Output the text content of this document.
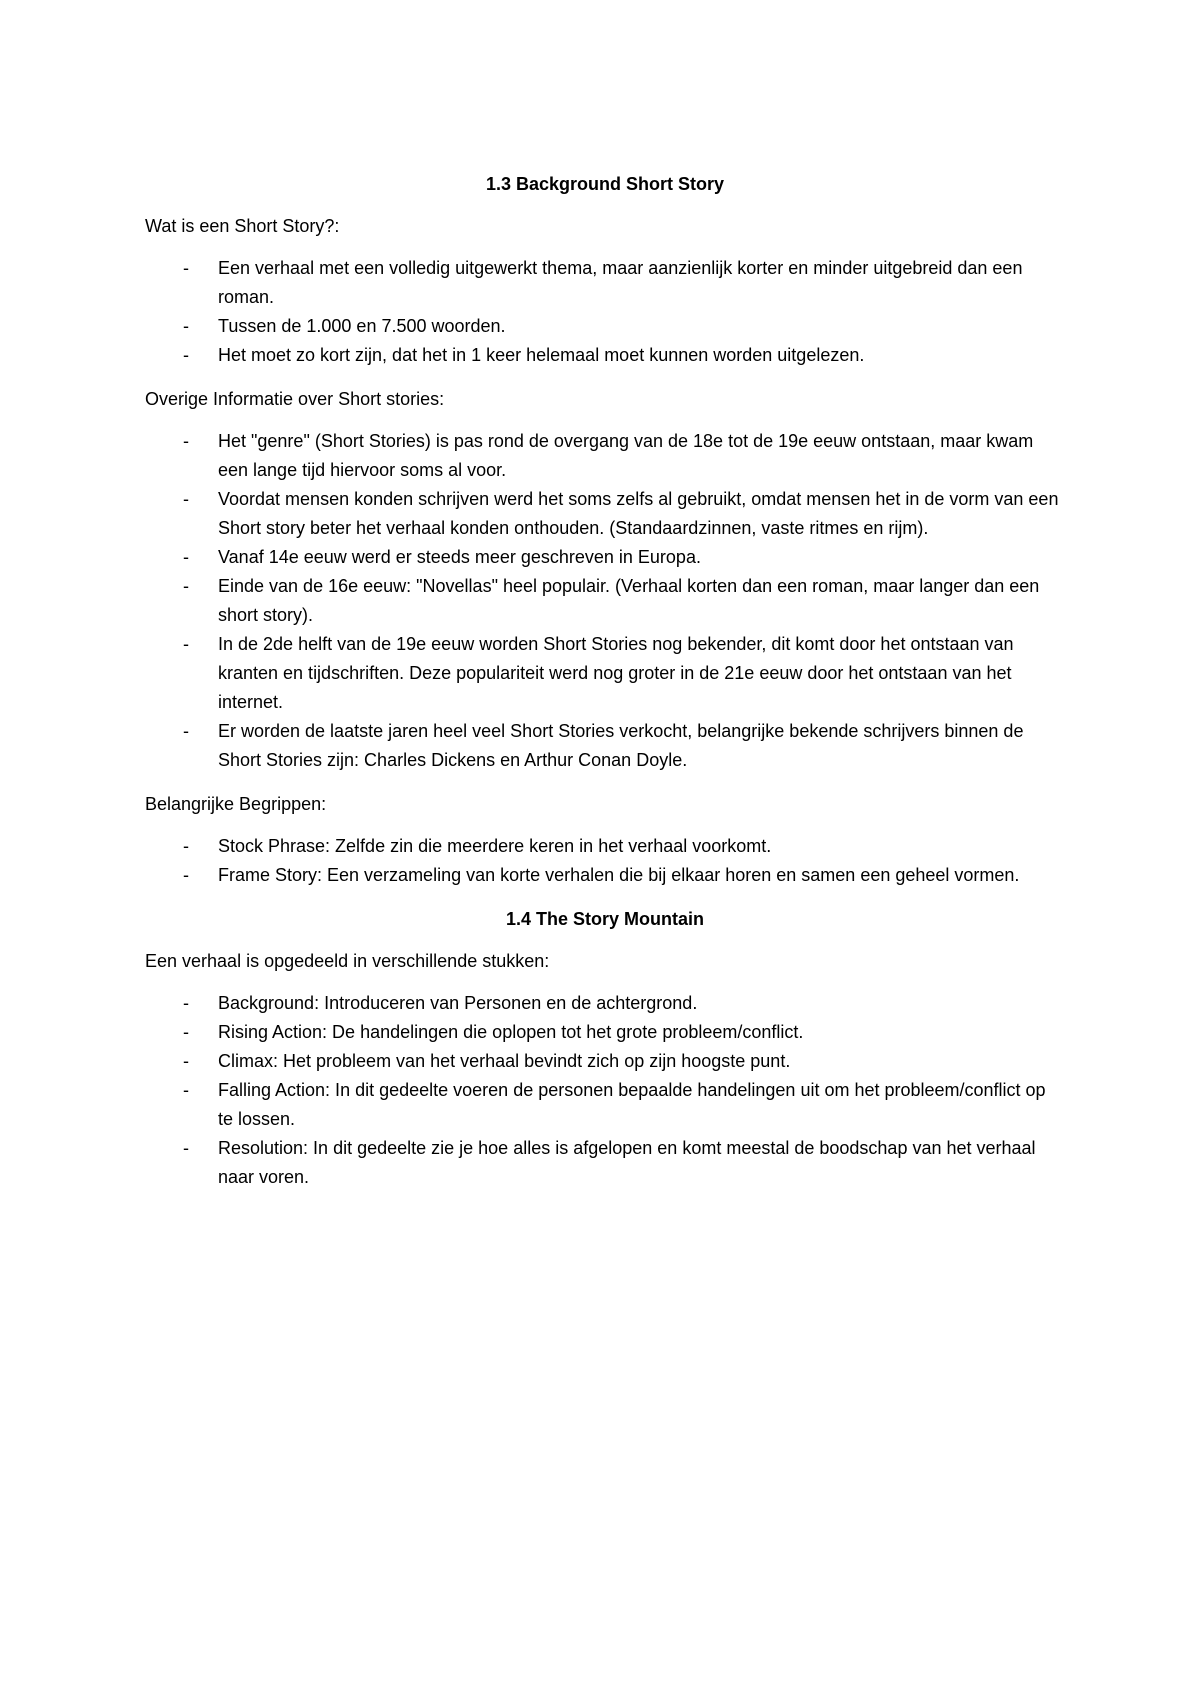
1.3 Background Short Story

Wat is een Short Story?:

- Een verhaal met een volledig uitgewerkt thema, maar aanzienlijk korter en minder uitgebreid dan een roman.
- Tussen de 1.000 en 7.500 woorden.
- Het moet zo kort zijn, dat het in 1 keer helemaal moet kunnen worden uitgelezen.

Overige Informatie over Short stories:

- Het "genre" (Short Stories) is pas rond de overgang van de 18e tot de 19e eeuw ontstaan, maar kwam een lange tijd hiervoor soms al voor.
- Voordat mensen konden schrijven werd het soms zelfs al gebruikt, omdat mensen het in de vorm van een Short story beter het verhaal konden onthouden. (Standaardzinnen, vaste ritmes en rijm).
- Vanaf 14e eeuw werd er steeds meer geschreven in Europa.
- Einde van de 16e eeuw: "Novellas" heel populair. (Verhaal korten dan een roman, maar langer dan een short story).
- In de 2de helft van de 19e eeuw worden Short Stories nog bekender, dit komt door het ontstaan van kranten en tijdschriften. Deze populariteit werd nog groter in de 21e eeuw door het ontstaan van het internet.
- Er worden de laatste jaren heel veel Short Stories verkocht, belangrijke bekende schrijvers binnen de Short Stories zijn: Charles Dickens en Arthur Conan Doyle.

Belangrijke Begrippen:

- Stock Phrase: Zelfde zin die meerdere keren in het verhaal voorkomt.
- Frame Story: Een verzameling van korte verhalen die bij elkaar horen en samen een geheel vormen.

1.4 The Story Mountain

Een verhaal is opgedeeld in verschillende stukken:

- Background: Introduceren van Personen en de achtergrond.
- Rising Action: De handelingen die oplopen tot het grote probleem/conflict.
- Climax: Het probleem van het verhaal bevindt zich op zijn hoogste punt.
- Falling Action: In dit gedeelte voeren de personen bepaalde handelingen uit om het probleem/conflict op te lossen.
- Resolution: In dit gedeelte zie je hoe alles is afgelopen en komt meestal de boodschap van het verhaal naar voren.
